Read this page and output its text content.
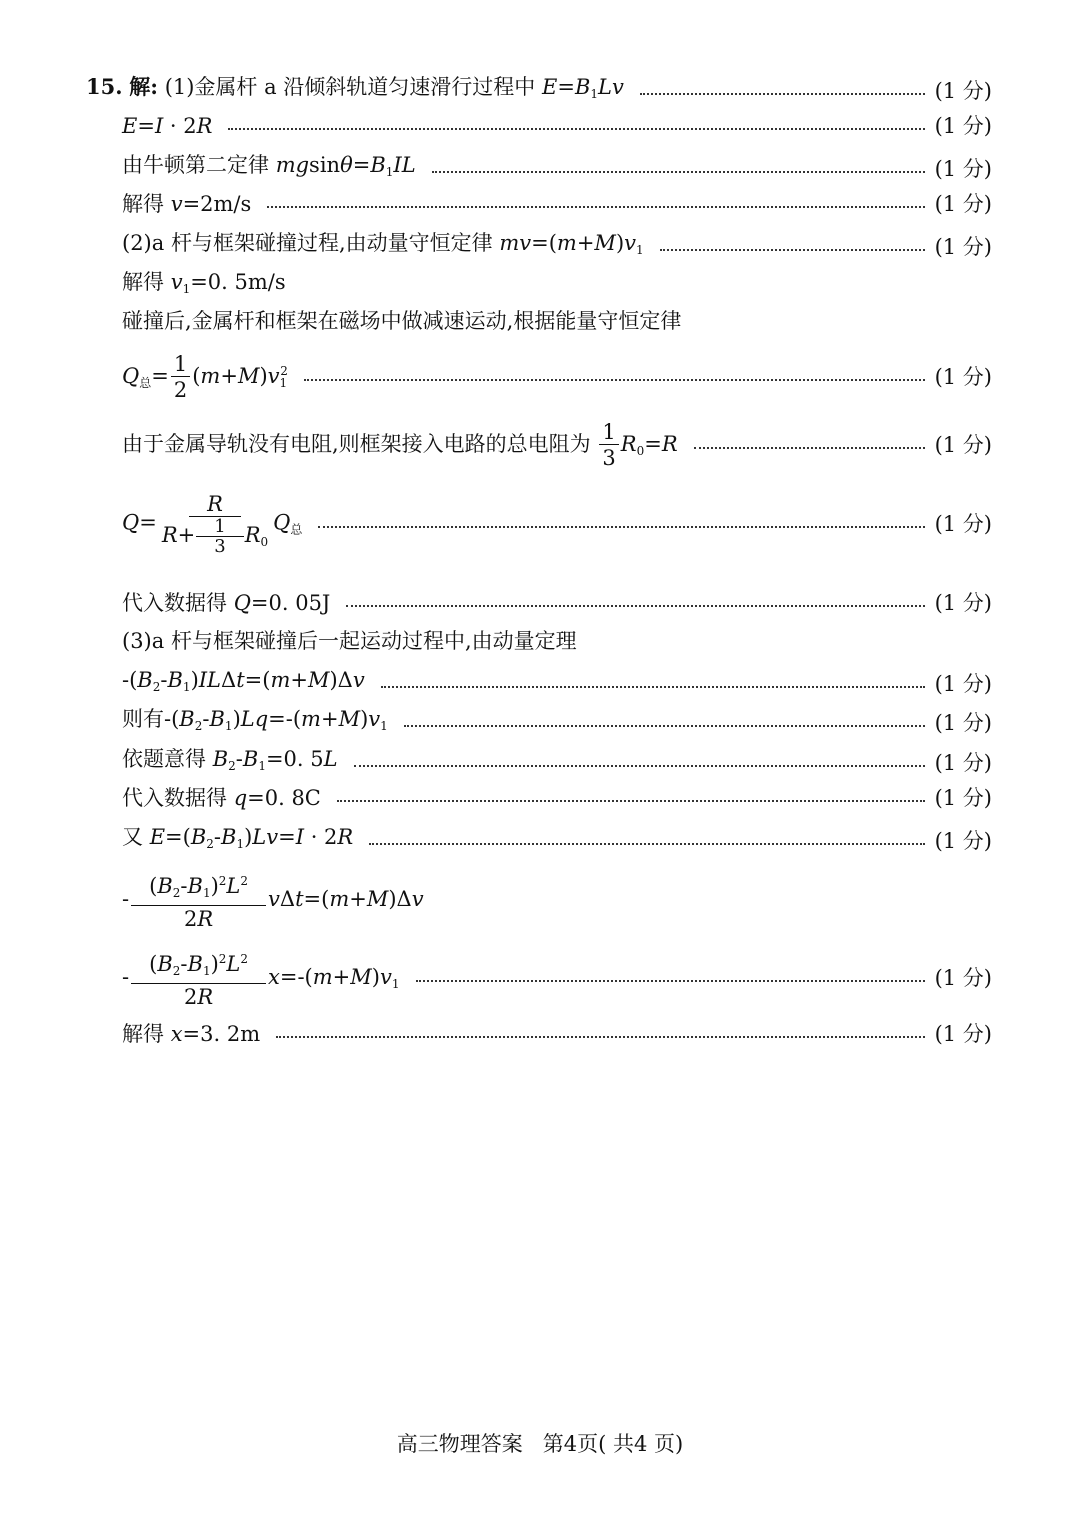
15. 解: (1)金属杆 a 沿倾斜轨道匀速滑行过程中 $E=B_1Lv$	(1 分)
E=I · 2R	(1 分)
由牛顿第二定律 $mgsin\theta=B_1IL$	(1 分)
解得 v=2m/s	(1 分)
(2)a 杆与框架碰撞过程,由动量守恒定律 $mv=(m+M)v_1$	(1 分)
解得 $v_1=0$. 5m/s
碰撞后,金属杆和框架在磁场中做减速运动,根据能量守恒定律
$Q_总= \frac{1}{2} (m+M)v_1^2$	(1 分)
由于金属导轨没有电阻,则框架接入电路的总电阻为 $\frac{1}{3} R_0=R$	(1 分)
$Q= \frac{R}{R+ \frac{1}{3} R_0} Q_总$	(1 分)
代入数据得 Q=0. 05J	(1 分)
(3)a 杆与框架碰撞后一起运动过程中,由动量定理
$-(B_2-B_1)IL\Delta t=(m+M)\Delta v$	(1 分)
则有$-(B_2-B_1)Lq=-(m+M)v_1$	(1 分)
依题意得 $B_2-B_1=0$. 5L	(1 分)
代入数据得 q=0. 8C	(1 分)
又 $E=(B_2-B_1)Lv=I \cdot 2R$	(1 分)
- $\frac{(B_2-B_1)^2L^2}{2R} v\Delta t=(m+M)\Delta v$
- $\frac{(B_2-B_1)^2L^2}{2R} x=-(m+M)v_1$	(1 分)
解得 x=3. 2m	(1 分)
高三物理答案 第4页( 共4 页)
